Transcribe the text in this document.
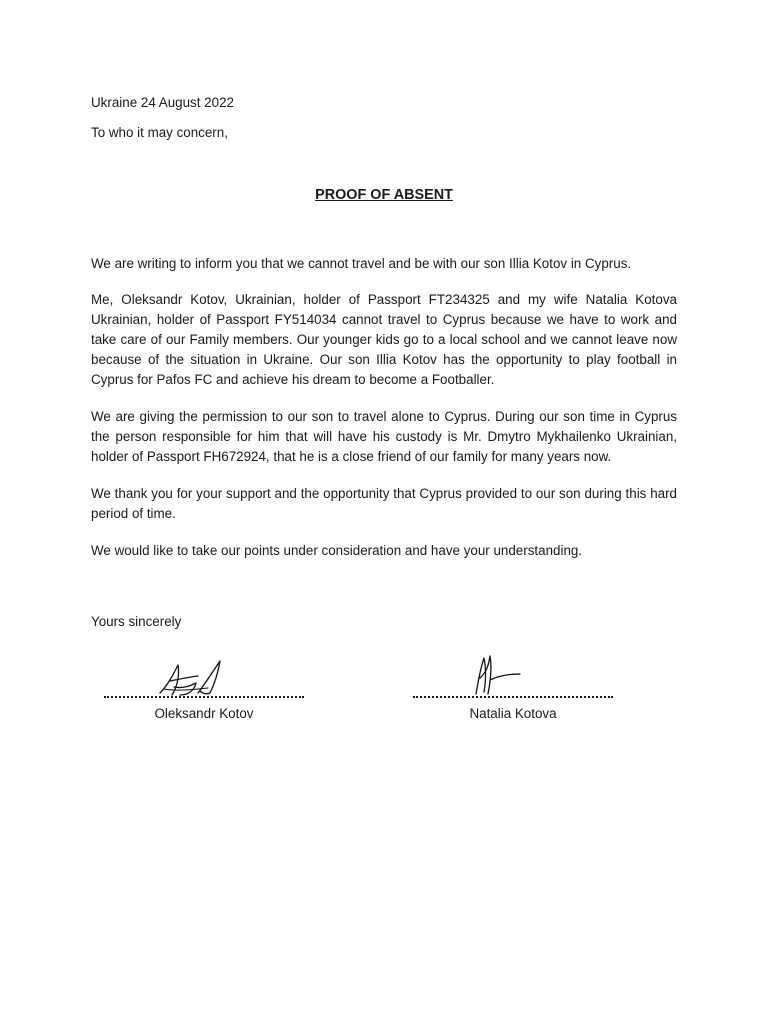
Ukraine 24 August 2022
To who it may concern,
PROOF OF ABSENT
We are writing to inform you that we cannot travel and be with our son Illia Kotov in Cyprus.
Me, Oleksandr Kotov, Ukrainian, holder of Passport FT234325 and my wife Natalia Kotova Ukrainian, holder of Passport FY514034 cannot travel to Cyprus because we have to work and take care of our Family members. Our younger kids go to a local school and we cannot leave now because of the situation in Ukraine. Our son Illia Kotov has the opportunity to play football in Cyprus for Pafos FC and achieve his dream to become a Footballer.
We are giving the permission to our son to travel alone to Cyprus. During our son time in Cyprus the person responsible for him that will have his custody is Mr. Dmytro Mykhailenko Ukrainian, holder of Passport FH672924, that he is a close friend of our family for many years now.
We thank you for your support and the opportunity that Cyprus provided to our son during this hard period of time.
We would like to take our points under consideration and have your understanding.
Yours sincerely
Oleksandr Kotov	Natalia Kotova
